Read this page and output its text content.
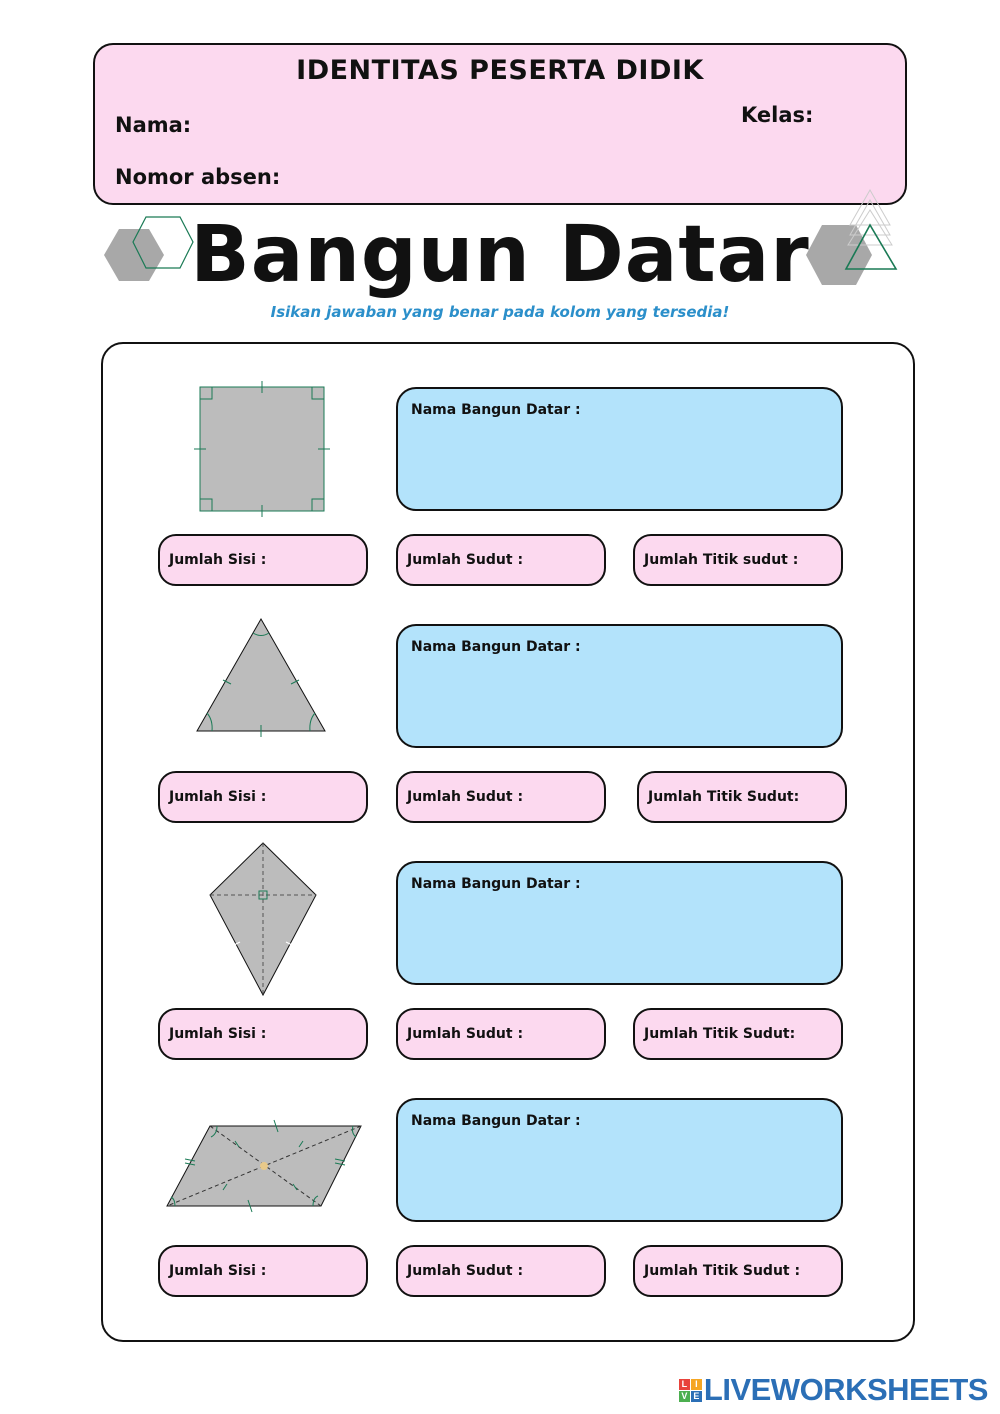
IDENTITAS PESERTA DIDIK
Nama:	Kelas:
Nomor absen:
Bangun Datar
Isikan jawaban yang benar pada kolom yang tersedia!
Nama Bangun Datar :
Jumlah Sisi :	Jumlah Sudut :	Jumlah Titik sudut :
Nama Bangun Datar :
Jumlah Sisi :	Jumlah Sudut :	Jumlah Titik Sudut:
Nama Bangun Datar :
Jumlah Sisi :	Jumlah Sudut :	Jumlah Titik Sudut:
Nama Bangun Datar :
Jumlah Sisi :	Jumlah Sudut :	Jumlah Titik Sudut :
L I
V E LIVEWORKSHEETS
